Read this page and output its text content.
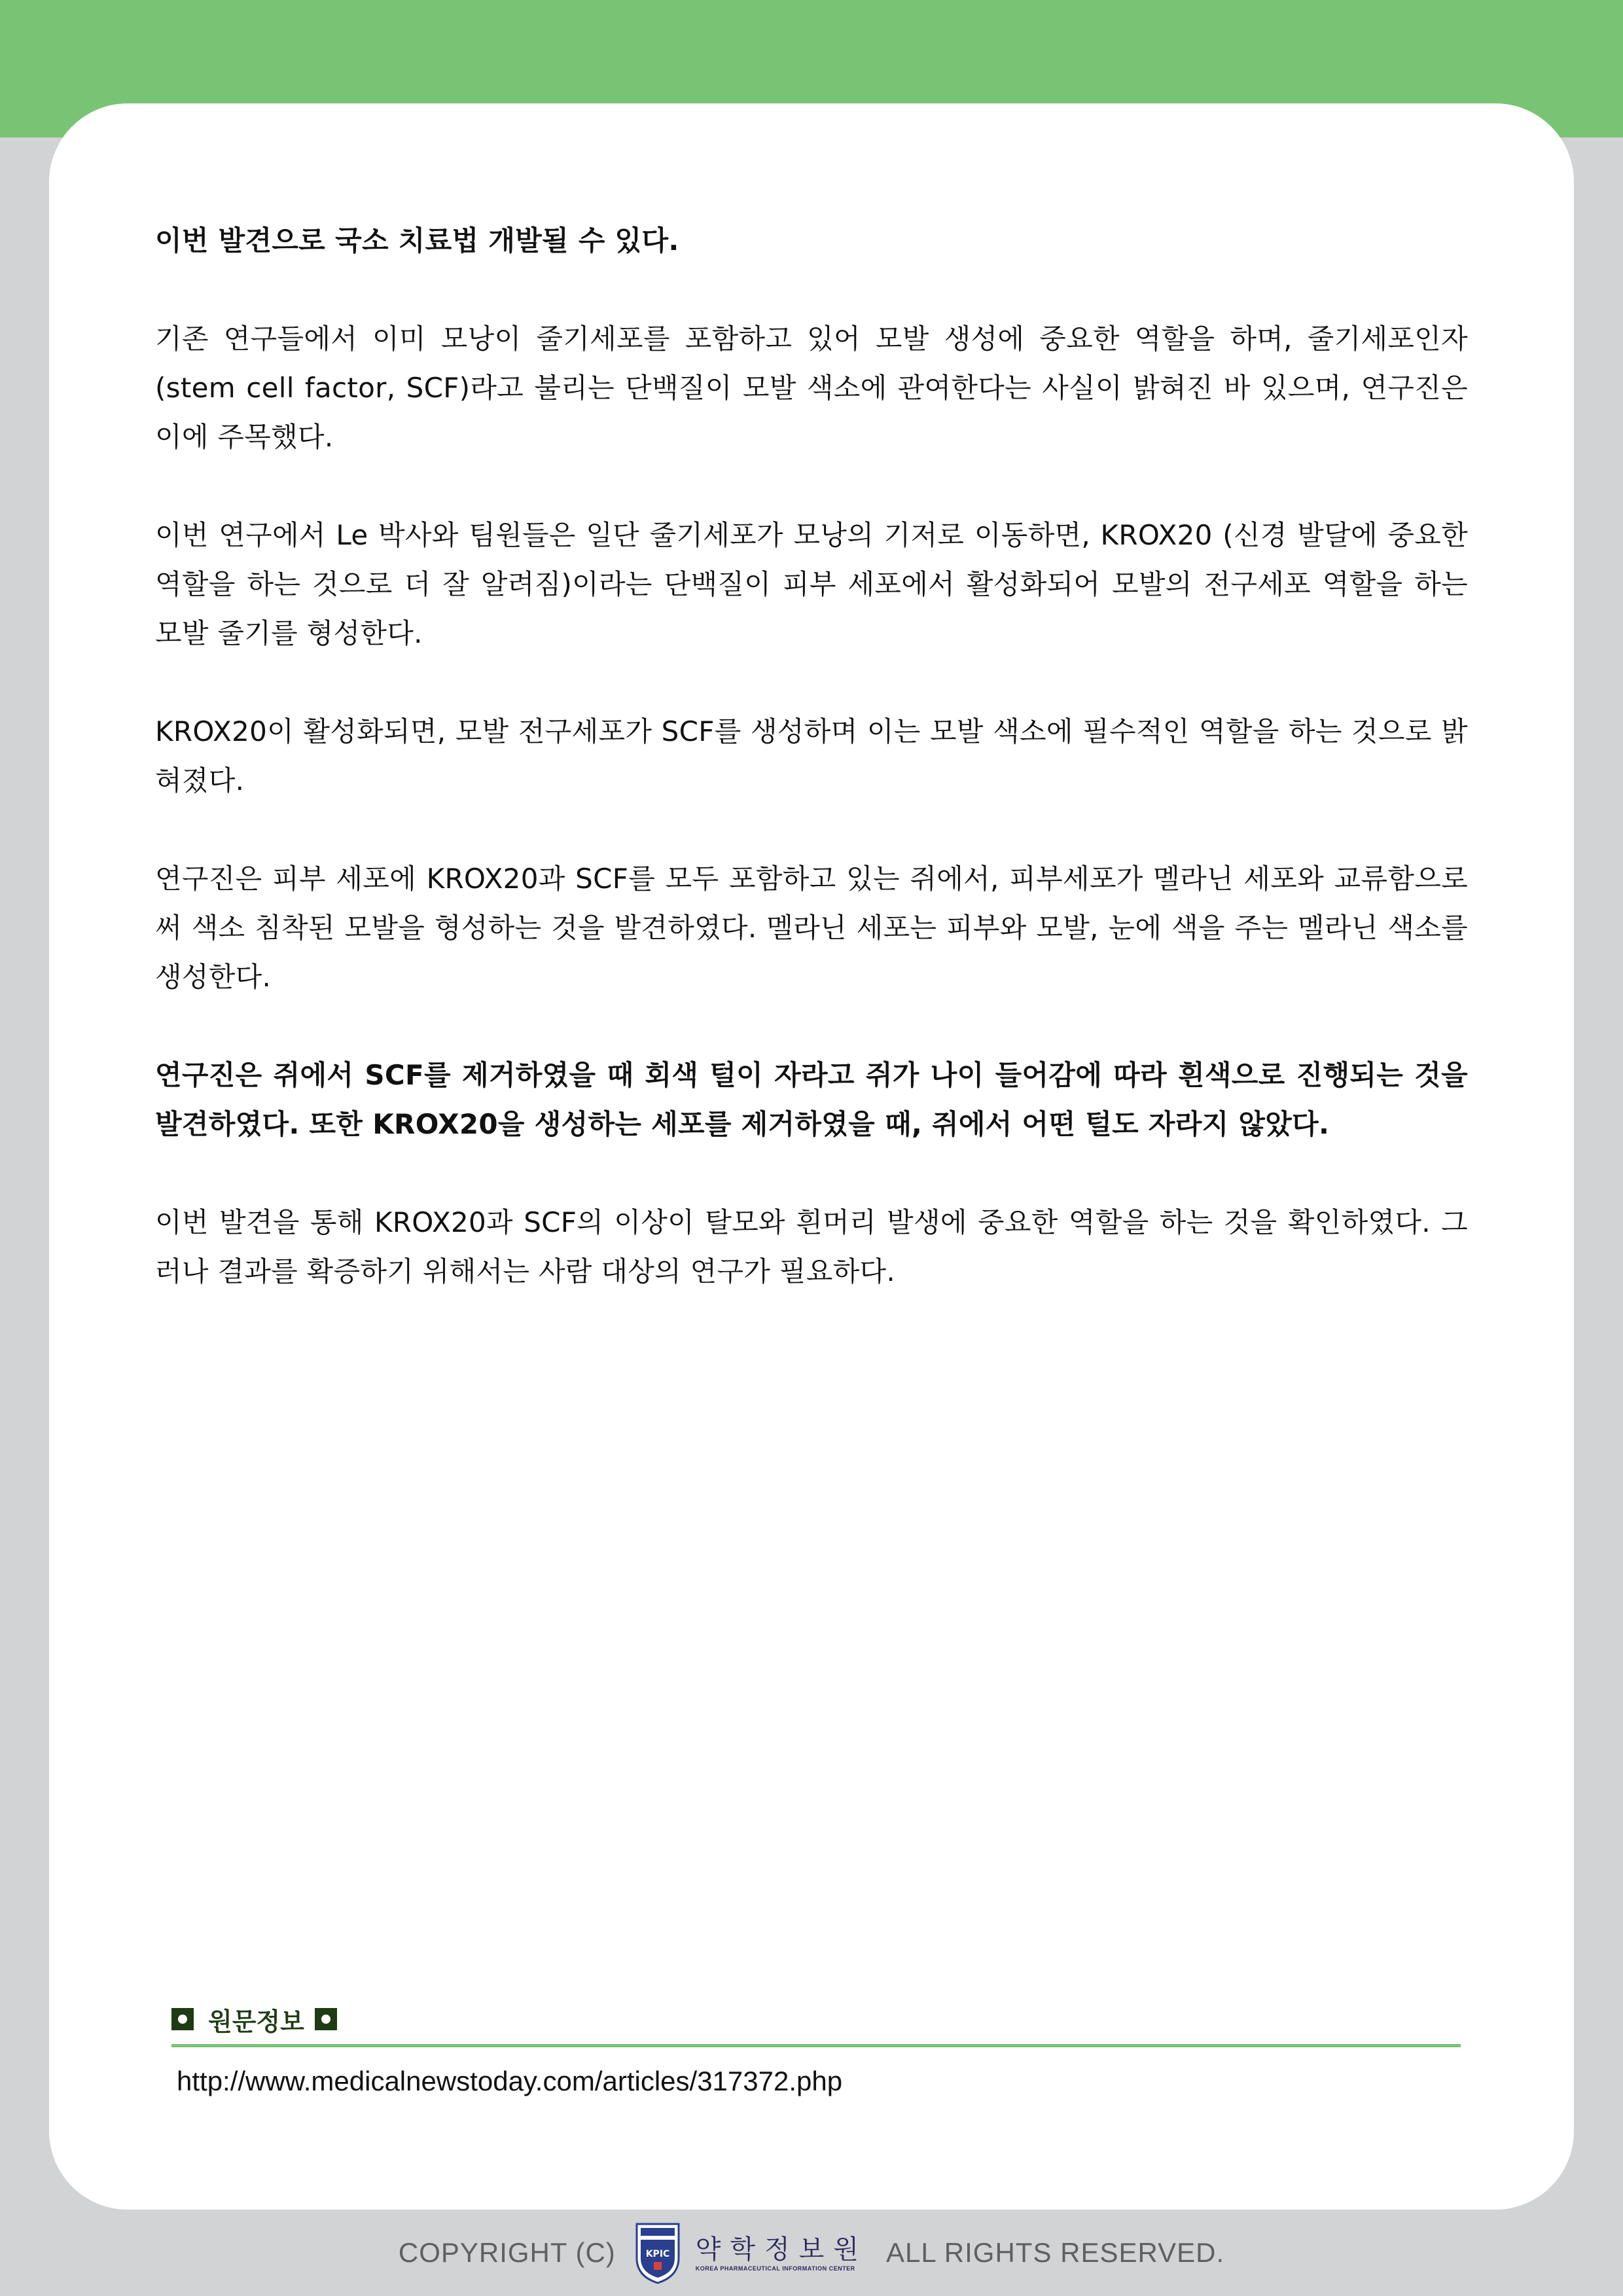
이번 발견으로 국소 치료법 개발될 수 있다.

기존 연구들에서 이미 모낭이 줄기세포를 포함하고 있어 모발 생성에 중요한 역할을 하며, 줄기세포인자(stem cell factor, SCF)라고 불리는 단백질이 모발 색소에 관여한다는 사실이 밝혀진 바 있으며, 연구진은 이에 주목했다.

이번 연구에서 Le 박사와 팀원들은 일단 줄기세포가 모낭의 기저로 이동하면, KROX20 (신경 발달에 중요한 역할을 하는 것으로 더 잘 알려짐)이라는 단백질이 피부 세포에서 활성화되어 모발의 전구세포 역할을 하는 모발 줄기를 형성한다.

KROX20이 활성화되면, 모발 전구세포가 SCF를 생성하며 이는 모발 색소에 필수적인 역할을 하는 것으로 밝혀졌다.

연구진은 피부 세포에 KROX20과 SCF를 모두 포함하고 있는 쥐에서, 피부세포가 멜라닌 세포와 교류함으로써 색소 침착된 모발을 형성하는 것을 발견하였다. 멜라닌 세포는 피부와 모발, 눈에 색을 주는 멜라닌 색소를 생성한다.

연구진은 쥐에서 SCF를 제거하였을 때 회색 털이 자라고 쥐가 나이 들어감에 따라 흰색으로 진행되는 것을 발견하였다. 또한 KROX20을 생성하는 세포를 제거하였을 때, 쥐에서 어떤 털도 자라지 않았다.

이번 발견을 통해 KROX20과 SCF의 이상이 탈모와 흰머리 발생에 중요한 역할을 하는 것을 확인하였다. 그러나 결과를 확증하기 위해서는 사람 대상의 연구가 필요하다.

원문정보
http://www.medicalnewstoday.com/articles/317372.php
COPYRIGHT (C)	KPIC 약학정보원
KOREA PHARMACEUTICAL INFORMATION CENTER
ALL RIGHTS RESERVED.
